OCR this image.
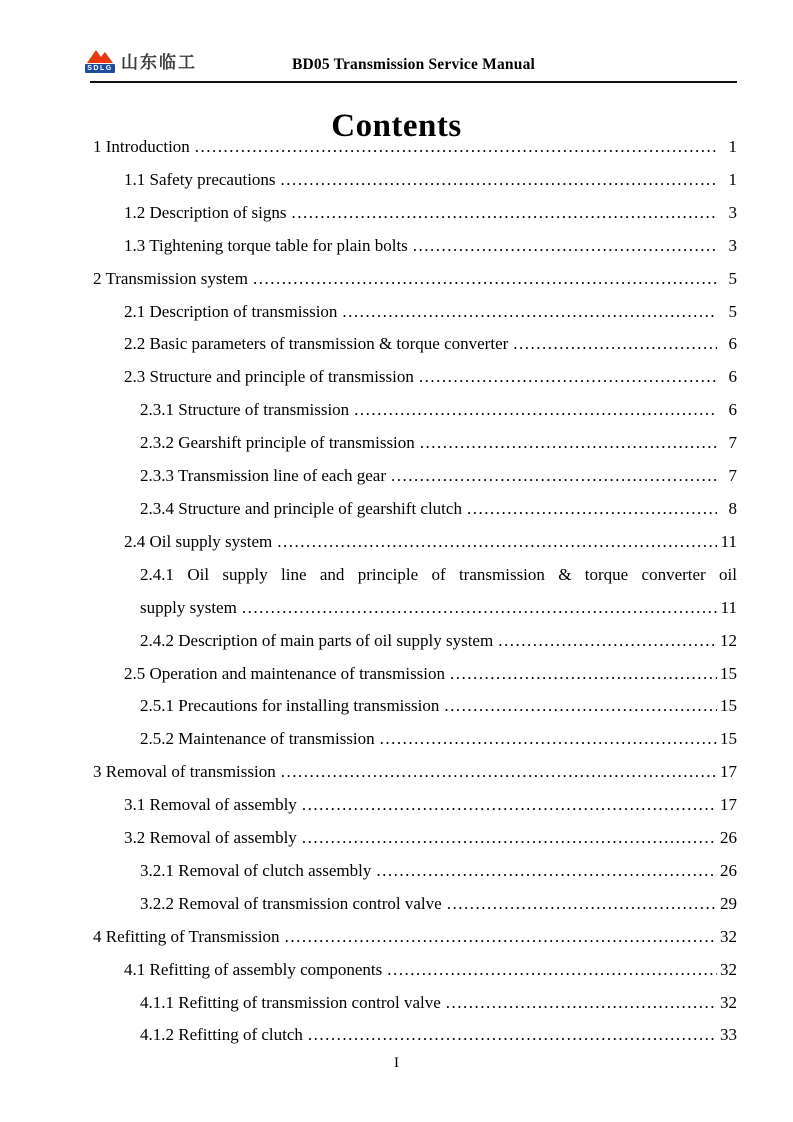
SDLG 山东临工	BD05 Transmission Service Manual
Contents
1 Introduction .....	1
1.1 Safety precautions .....	1
1.2 Description of signs .....	3
1.3 Tightening torque table for plain bolts .....	3
2 Transmission system .....	5
2.1 Description of transmission .....	5
2.2 Basic parameters of transmission & torque converter .....	6
2.3 Structure and principle of transmission .....	6
2.3.1 Structure of transmission .....	6
2.3.2 Gearshift principle of transmission .....	7
2.3.3 Transmission line of each gear .....	7
2.3.4 Structure and principle of gearshift clutch .....	8
2.4 Oil supply system .....	11
2.4.1 Oil supply line and principle of transmission & torque converter oil
supply system .....	11
2.4.2 Description of main parts of oil supply system .....	12
2.5 Operation and maintenance of transmission .....	15
2.5.1 Precautions for installing transmission .....	15
2.5.2 Maintenance of transmission .....	15
3 Removal of transmission .....	17
3.1 Removal of assembly .....	17
3.2 Removal of assembly .....	26
3.2.1 Removal of clutch assembly .....	26
3.2.2 Removal of transmission control valve .....	29
4 Refitting of Transmission .....	32
4.1 Refitting of assembly components .....	32
4.1.1 Refitting of transmission control valve .....	32
4.1.2 Refitting of clutch .....	33
I
